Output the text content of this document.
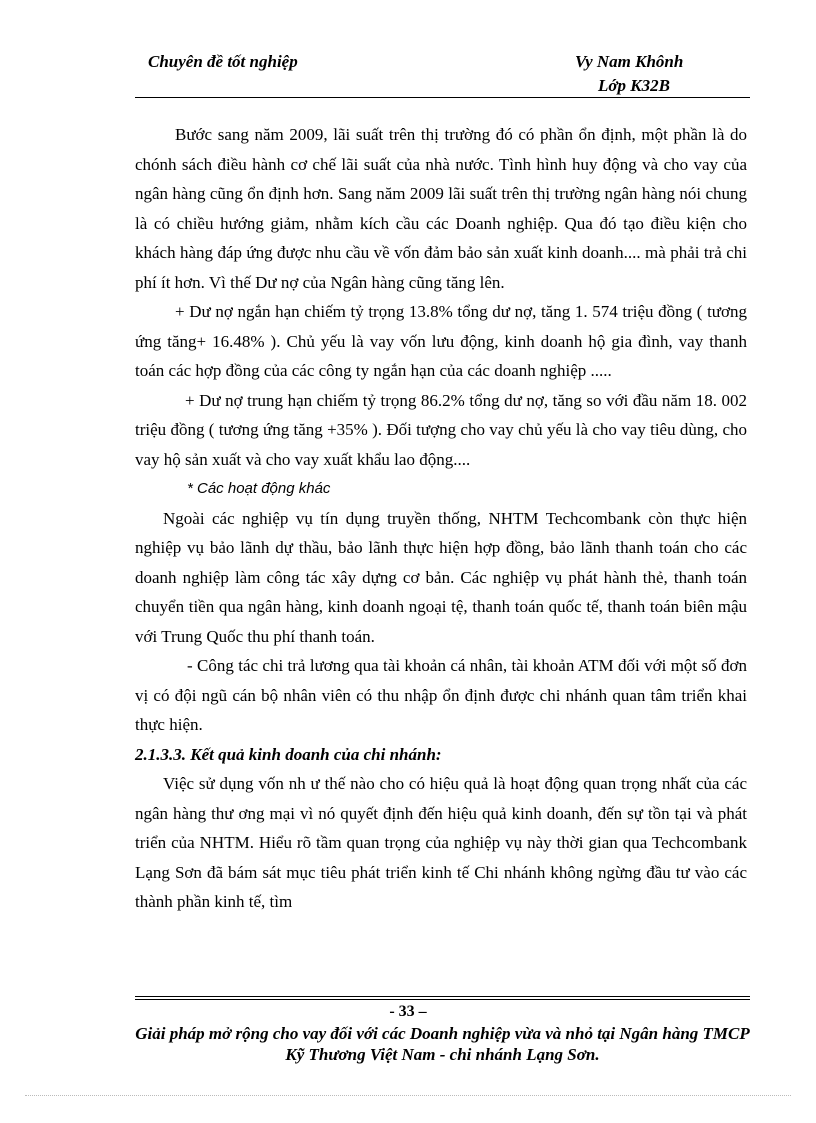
Chuyên đề tốt nghiệp	Vy Nam Khônh
Lớp K32B

Bước sang năm 2009, lãi suất trên thị trường đó có phần ổn định, một phần là do chónh sách điều hành cơ chế lãi suất của nhà nước. Tình hình huy động và cho vay của ngân hàng cũng ổn định hơn. Sang năm 2009 lãi suất trên thị trường ngân hàng nói chung là có chiều hướng giảm, nhằm kích cầu các Doanh nghiệp. Qua đó tạo điều kiện cho khách hàng đáp ứng được nhu cầu về vốn đảm bảo sản xuất kinh doanh.... mà phải trả chi phí ít hơn. Vì thế Dư nợ của Ngân hàng cũng tăng lên.

+ Dư nợ ngắn hạn chiếm tỷ trọng 13.8% tổng dư nợ, tăng 1. 574 triệu đồng ( tương ứng tăng+ 16.48% ). Chủ yếu là vay vốn lưu động, kinh doanh hộ gia đình, vay thanh toán các hợp đồng của các công ty ngắn hạn của các doanh nghiệp .....

+ Dư nợ trung hạn chiếm tỷ trọng 86.2% tổng dư nợ, tăng so với đầu năm 18. 002 triệu đồng ( tương ứng tăng +35% ). Đối tượng cho vay chủ yếu là cho vay tiêu dùng, cho vay hộ sản xuất và cho vay xuất khẩu lao động....

* Các hoạt động khác

Ngoài các nghiệp vụ tín dụng truyền thống, NHTM Techcombank còn thực hiện nghiệp vụ bảo lãnh dự thầu, bảo lãnh thực hiện hợp đồng, bảo lãnh thanh toán cho các doanh nghiệp làm công tác xây dựng cơ bản. Các nghiệp vụ phát hành thẻ, thanh toán chuyển tiền qua ngân hàng, kinh doanh ngoại tệ, thanh toán quốc tế, thanh toán biên mậu với Trung Quốc thu phí thanh toán.

- Công tác chi trả lương qua tài khoản cá nhân, tài khoản ATM đối với một số đơn vị có đội ngũ cán bộ nhân viên có thu nhập ổn định được chi nhánh quan tâm triển khai thực hiện.

2.1.3.3. Kết quả kinh doanh của chi nhánh:

Việc sử dụng vốn nh ư thế nào cho có hiệu quả là hoạt động quan trọng nhất của các ngân hàng thư ơng mại vì nó quyết định đến hiệu quả kinh doanh, đến sự tồn tại và phát triển của NHTM. Hiểu rõ tầm quan trọng của nghiệp vụ này thời gian qua Techcombank Lạng Sơn đã bám sát mục tiêu phát triển kinh tế Chi nhánh không ngừng đầu tư vào các thành phần kinh tế, tìm

- 33 –
Giải pháp mở rộng cho vay đối với các Doanh nghiệp vừa và nhỏ tại Ngân hàng TMCP Kỹ Thương Việt Nam - chi nhánh Lạng Sơn.
